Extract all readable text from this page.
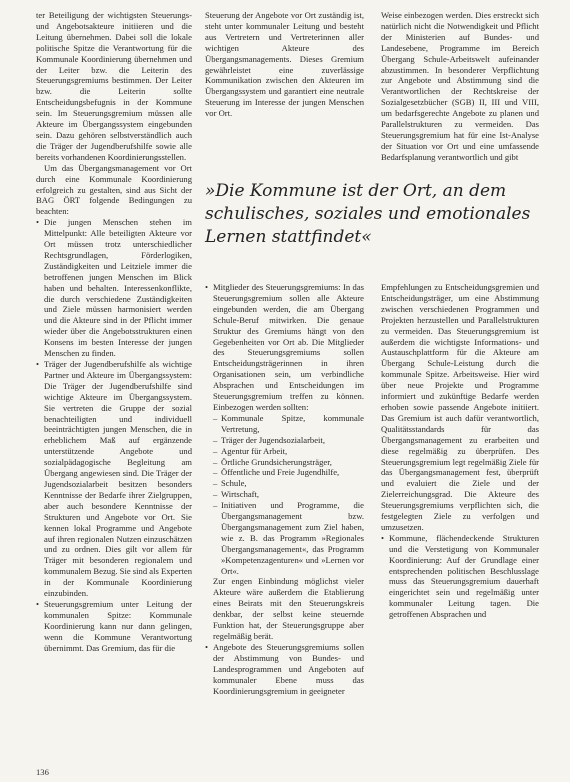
ter Beteiligung der wichtigsten Steuerungs- und Angebotsakteure initiieren und die Leitung übernehmen. Dabei soll die lokale politische Spitze die Verantwortung für die Kommunale Koordinierung übernehmen und der Leiter bzw. die Leiterin des Steuerungsgremiums bestimmen. Der Leiter bzw. die Leiterin sollte Entscheidungsbefugnis in der Kommune sein. Im Steuerungsgremium müssen alle Akteure im Übergangssystem eingebunden sein. Dazu gehören selbstverständlich auch die Träger der Jugendberufshilfe sowie alle bereits vorhandenen Koordinierungsstellen.

Um das Übergangsmanagement vor Ort durch eine Kommunale Koordinierung erfolgreich zu gestalten, sind aus Sicht der BAG ÖRT folgende Bedingungen zu beachten:

• Die jungen Menschen stehen im Mittelpunkt: Alle beteiligten Akteure vor Ort müssen trotz unterschiedlicher Rechtsgrundlagen, Förderlogiken, Zuständigkeiten und Leitziele immer die betroffenen jungen Menschen im Blick haben und behalten. Interessenkonflikte, die durch verschiedene Zuständigkeiten und Ziele müssen harmonisiert werden und die Akteure sind in der Pflicht immer wieder über die Angebotsstrukturen einen Konsens im besten Interesse der jungen Menschen zu finden.
• Träger der Jugendberufshilfe als wichtige Partner und Akteure im Übergangssystem: Die Träger der Jugendberufshilfe sind wichtige Akteure im Übergangssystem. Sie vertreten die Gruppe der sozial benachteiligten und individuell beeinträchtigten jungen Menschen, die in erheblichem Maß auf ergänzende unterstützende Angebote und sozialpädagogische Begleitung am Übergang angewiesen sind. Die Träger der Jugendsozialarbeit besitzen besonders Kenntnisse der Bedarfe ihrer Zielgruppen, aber auch besondere Kenntnisse der Strukturen und Angebote vor Ort. Sie kennen lokal Programme und Angebote auf ihren regionalen Nutzen einzuschätzen und zu ordnen. Dies gilt vor allem für Träger mit besonderen regionalem und kommunalem Bezug. Sie sind als Experten in der Kommunale Koordinierung einzubinden.
• Steuerungsgremium unter Leitung der kommunalen Spitze: Kommunale Koordinierung kann nur dann gelingen, wenn die Kommune Verantwortung übernimmt. Das Gremium, das für die

Steuerung der Angebote vor Ort zuständig ist, steht unter kommunaler Leitung und besteht aus Vertretern und Vertreterinnen aller wichtigen Akteure des Übergangsmanagements. Dieses Gremium gewährleistet eine zuverlässige Kommunikation zwischen den Akteuren im Übergangssystem und garantiert eine neutrale Steuerung im Interesse der jungen Menschen vor Ort.

Weise einbezogen werden. Dies erstreckt sich natürlich nicht die Notwendigkeit und Pflicht der Ministerien auf Bundes- und Landesebene, Programme im Bereich Übergang Schule-Arbeitswelt aufeinander abzustimmen. In besonderer Verpflichtung zur Angebote und Abstimmung sind die Verantwortlichen der Rechtskreise der Sozialgesetzbücher (SGB) II, III und VIII, um bedarfsgerechte Angebote zu planen und Parallelstrukturen zu vermeiden. Das Steuerungsgremium hat für eine Ist-Analyse der Situation vor Ort und eine umfassende Bedarfsplanung verantwortlich und gibt

»Die Kommune ist der Ort, an dem schulisches, soziales und emotionales Lernen stattfindet«
• Mitglieder des Steuerungsgremiums: In das Steuerungsgremium sollen alle Akteure eingebunden werden, die am Übergang Schule-Beruf mitwirken. Die genaue Struktur des Gremiums hängt von den Gegebenheiten vor Ort ab. Die Mitglieder des Steuerungsgremiums sollen Entscheidungsträgerinnen in ihren Organisationen sein, um verbindliche Absprachen und Entscheidungen im Steuerungsgremium treffen zu können. Einbezogen werden sollten:
– Kommunale Spitze, kommunale Vertretung,
– Träger der Jugendsozialarbeit,
– Agentur für Arbeit,
– Örtliche Grundsicherungsträger,
– Öffentliche und Freie Jugendhilfe,
– Schule,
– Wirtschaft,
– Initiativen und Programme, die Übergangsmanagement bzw. Übergangsmanagement zum Ziel haben, wie z. B. das Programm »Regionales Übergangsmanagement«, das Programm »Kompetenzagenturen« und »Lernen vor Ort«.
Zur engen Einbindung möglichst vieler Akteure wäre außerdem die Etablierung eines Beirats mit den Steuerungskreis denkbar, der selbst keine steuernde Funktion hat, der Steuerungsgruppe aber regelmäßig berät.
• Angebote des Steuerungsgremiums sollen der Abstimmung von Bundes- und Landesprogrammen und Angeboten auf kommunaler Ebene muss das Koordinierungsgremium in geeigneter

Empfehlungen zu Entscheidungsgremien und Entscheidungsträger, um eine Abstimmung zwischen verschiedenen Programmen und Projekten herzustellen und Parallelstrukturen zu vermeiden. Das Steuerungsgremium ist außerdem die wichtigste Informations- und Austauschplattform für die Akteure am Übergang Schule-Leistung durch die kommunale Spitze. Arbeitsweise. Hier wird über neue Projekte und Programme informiert und zukünftige Bedarfe werden erhoben sowie passende Angebote initiiert. Das Gremium ist auch dafür verantwortlich, Qualitätsstandards für das Übergangsmanagement zu erarbeiten und diese regelmäßig zu überprüfen. Des Steuerungsgremium legt regelmäßig Ziele für das Übergangsmanagement fest, überprüft und evaluiert die Ziele und der Zielerreichungsgrad. Die Akteure des Steuerungsgremiums verpflichten sich, die festgelegten Ziele zu verfolgen und umzusetzen.

• Kommune, flächendeckende Strukturen und die Verstetigung von Kommunaler Koordinierung: Auf der Grundlage einer entsprechenden politischen Beschlusslage muss das Steuerungsgremium dauerhaft eingerichtet sein und regelmäßig unter kommunaler Leitung tagen. Die getroffenen Absprachen und
136
